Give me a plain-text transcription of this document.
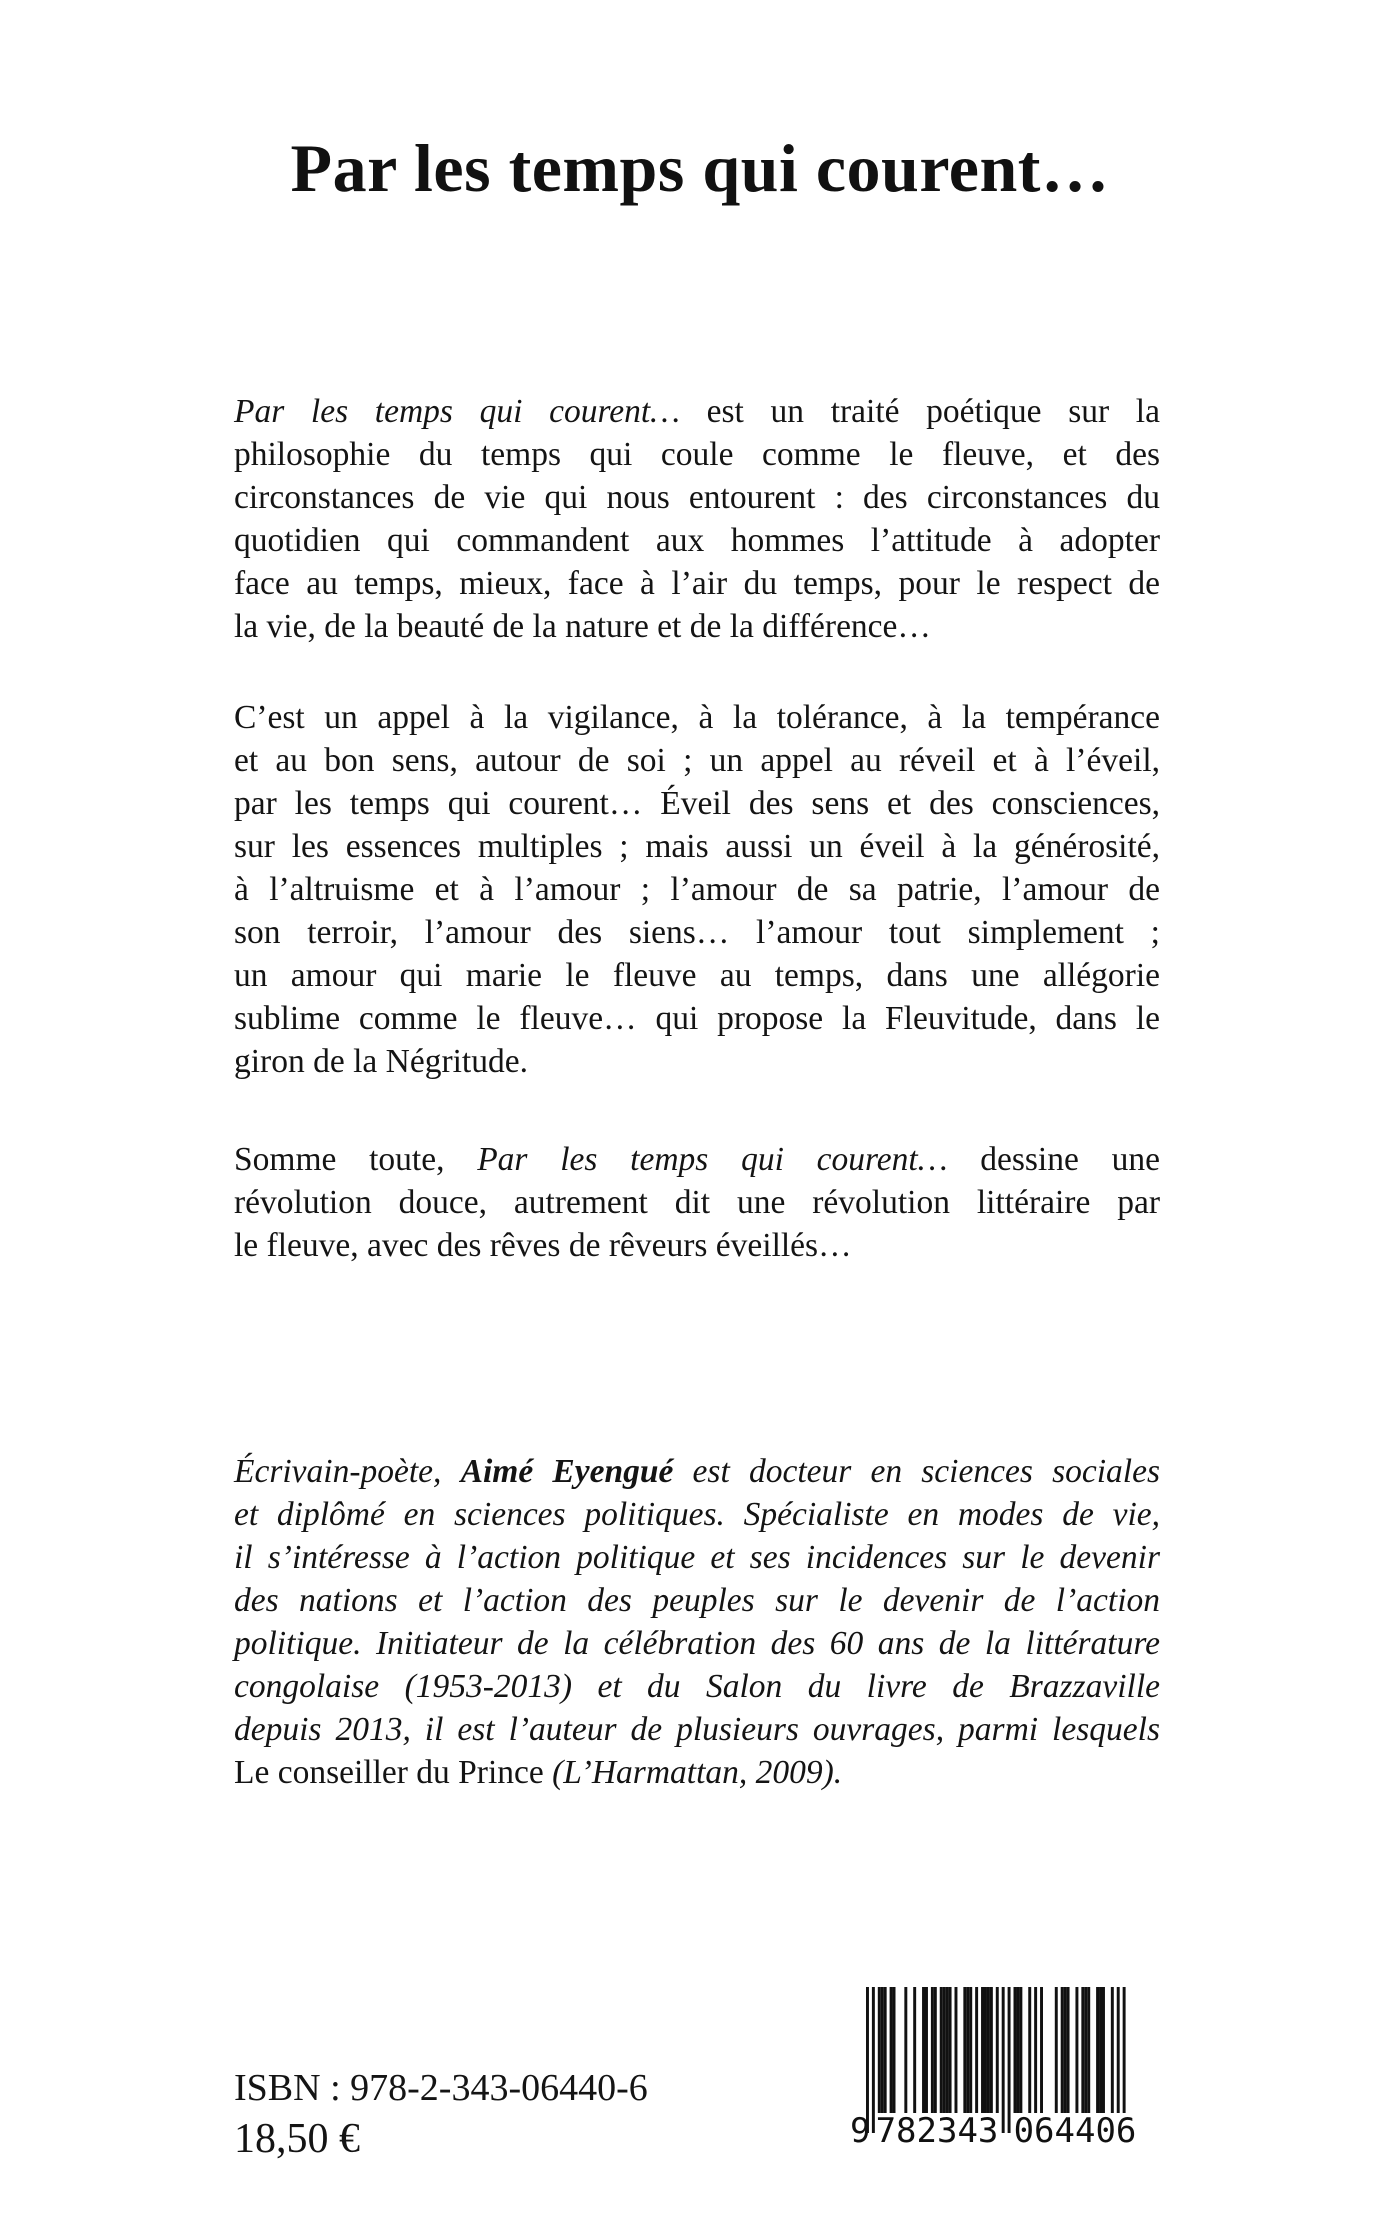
Par les temps qui courent…
Par les temps qui courent… est un traité poétique sur la
philosophie du temps qui coule comme le fleuve, et des
circonstances de vie qui nous entourent : des circonstances du
quotidien qui commandent aux hommes l’attitude à adopter
face au temps, mieux, face à l’air du temps, pour le respect de
la vie, de la beauté de la nature et de la différence…
C’est un appel à la vigilance, à la tolérance, à la tempérance
et au bon sens, autour de soi ; un appel au réveil et à l’éveil,
par les temps qui courent… Éveil des sens et des consciences,
sur les essences multiples ; mais aussi un éveil à la générosité,
à l’altruisme et à l’amour ; l’amour de sa patrie, l’amour de
son terroir, l’amour des siens… l’amour tout simplement ;
un amour qui marie le fleuve au temps, dans une allégorie
sublime comme le fleuve… qui propose la Fleuvitude, dans le
giron de la Négritude.
Somme toute, Par les temps qui courent… dessine une
révolution douce, autrement dit une révolution littéraire par
le fleuve, avec des rêves de rêveurs éveillés…
Écrivain-poète, Aimé Eyengué est docteur en sciences sociales
et diplômé en sciences politiques. Spécialiste en modes de vie,
il s’intéresse à l’action politique et ses incidences sur le devenir
des nations et l’action des peuples sur le devenir de l’action
politique. Initiateur de la célébration des 60 ans de la littérature
congolaise (1953-2013) et du Salon du livre de Brazzaville
depuis 2013, il est l’auteur de plusieurs ouvrages, parmi lesquels
Le conseiller du Prince (L’Harmattan, 2009).
ISBN : 978-2-343-06440-6
18,50 €	9 782343 064406
